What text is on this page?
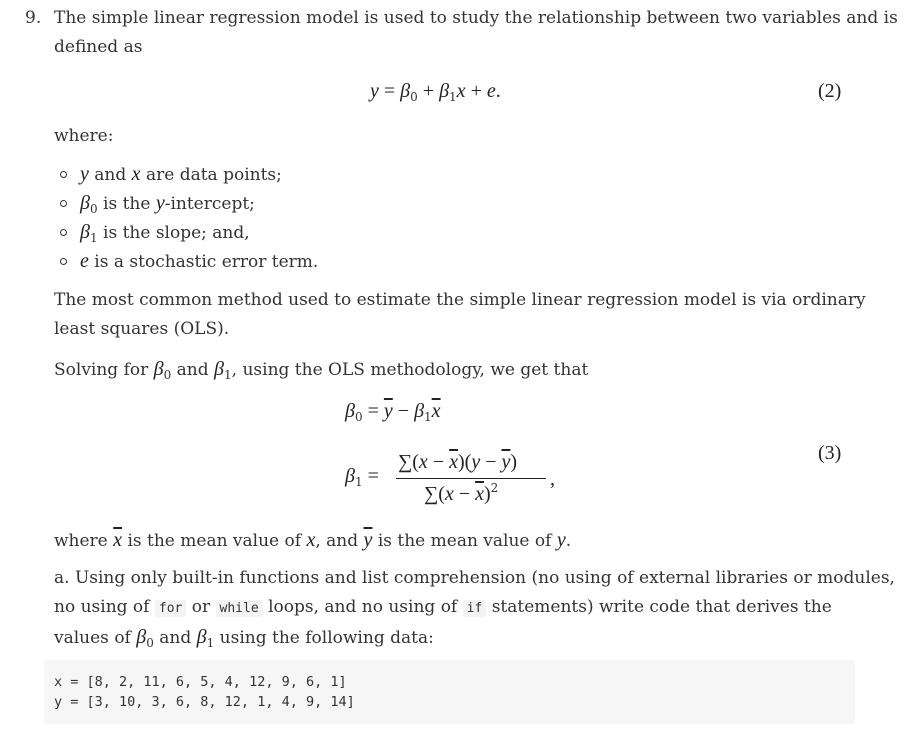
9. The simple linear regression model is used to study the relationship between two variables and is
defined as
$y = \beta_0 + \beta_1x + e$.	(2)
where:
y and x are data points;
$\beta_0$ is the y-intercept;
$\beta_1$ is the slope; and,
e is a stochastic error term.
The most common method used to estimate the simple linear regression model is via ordinary
least squares (OLS).
Solving for $\beta_0$ and $\beta_1$, using the OLS methodology, we get that
$\beta_0 = \overline{y} - \beta_1\overline{x}$
$\beta_1$ =
$\sum(x - \overline{x})(y - \overline{y})$
$\sum(x - \overline{x})^2$	,
(3)
where $\overline{x}$ is the mean value of x, and $\overline{y}$ is the mean value of y.
a. Using only built-in functions and list comprehension (no using of external libraries or modules,
no using of for or while loops, and no using of if statements) write code that derives the
values of $\beta_0$ and $\beta_1$ using the following data:
x = [8, 2, 11, 6, 5, 4, 12, 9, 6, 1]
y = [3, 10, 3, 6, 8, 12, 1, 4, 9, 14]
